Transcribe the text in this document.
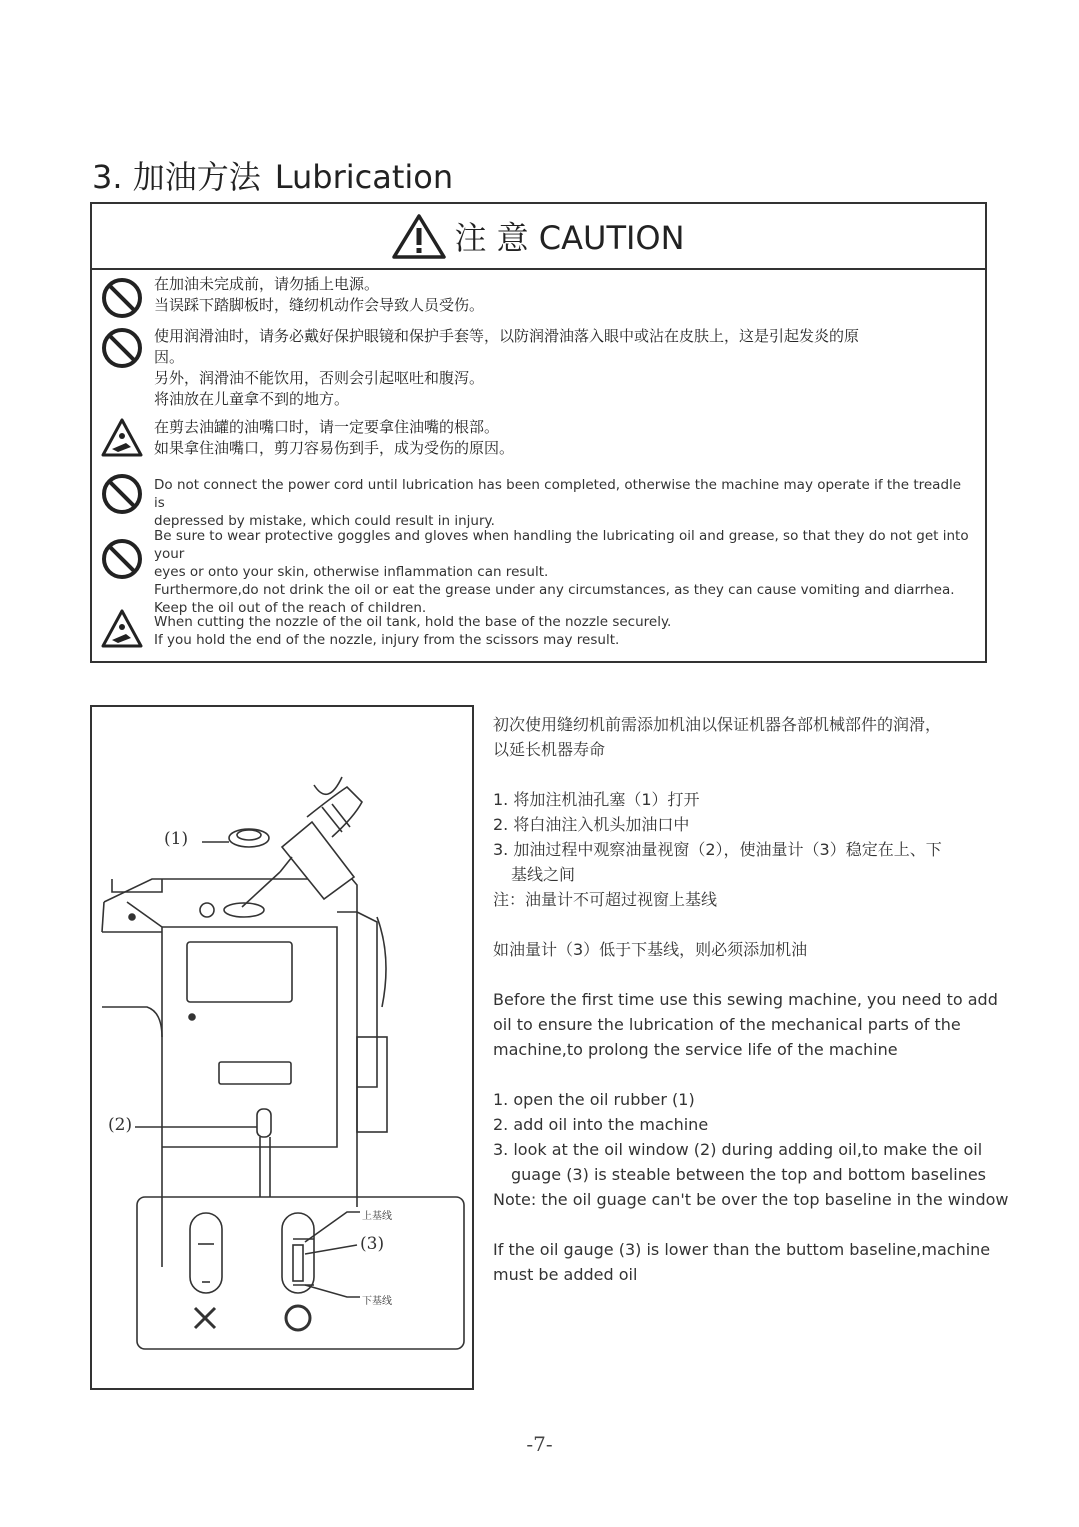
3. 加油方法 Lubrication
注 意 CAUTION
在加油未完成前，请勿插上电源。
当误踩下踏脚板时，缝纫机动作会导致人员受伤。
使用润滑油时，请务必戴好保护眼镜和保护手套等，以防润滑油落入眼中或沾在皮肤上，这是引起发炎的原
因。
另外，润滑油不能饮用，否则会引起呕吐和腹泻。
将油放在儿童拿不到的地方。
在剪去油罐的油嘴口时，请一定要拿住油嘴的根部。
如果拿住油嘴口，剪刀容易伤到手，成为受伤的原因。
Do not connect the power cord until lubrication has been completed, otherwise the machine may operate if the treadle is
depressed by mistake, which could result in injury.
Be sure to wear protective goggles and gloves when handling the lubricating oil and grease, so that they do not get into your
eyes or onto your skin, otherwise inflammation can result.
Furthermore,do not drink the oil or eat the grease under any circumstances, as they can cause vomiting and diarrhea.
Keep the oil out of the reach of children.
When cutting the nozzle of the oil tank, hold the base of the nozzle securely.
If you hold the end of the nozzle, injury from the scissors may result.
(1)
(2)
(3)
上基线
下基线
初次使用缝纫机前需添加机油以保证机器各部机械部件的润滑，
以延长机器寿命
1. 将加注机油孔塞（1）打开
2. 将白油注入机头加油口中
3. 加油过程中观察油量视窗（2），使油量计（3）稳定在上、下
基线之间
注：油量计不可超过视窗上基线
如油量计（3）低于下基线，则必须添加机油
Before the first time use this sewing machine, you need to add
oil to ensure the lubrication of the mechanical parts of the
machine,to prolong the service life of the machine
1. open the oil rubber (1)
2. add oil into the machine
3. look at the oil window (2) during adding oil,to make the oil
guage (3) is steable between the top and bottom baselines
Note: the oil guage can't be over the top baseline in the window
If the oil gauge (3) is lower than the buttom baseline,machine
must be added oil
-7-
